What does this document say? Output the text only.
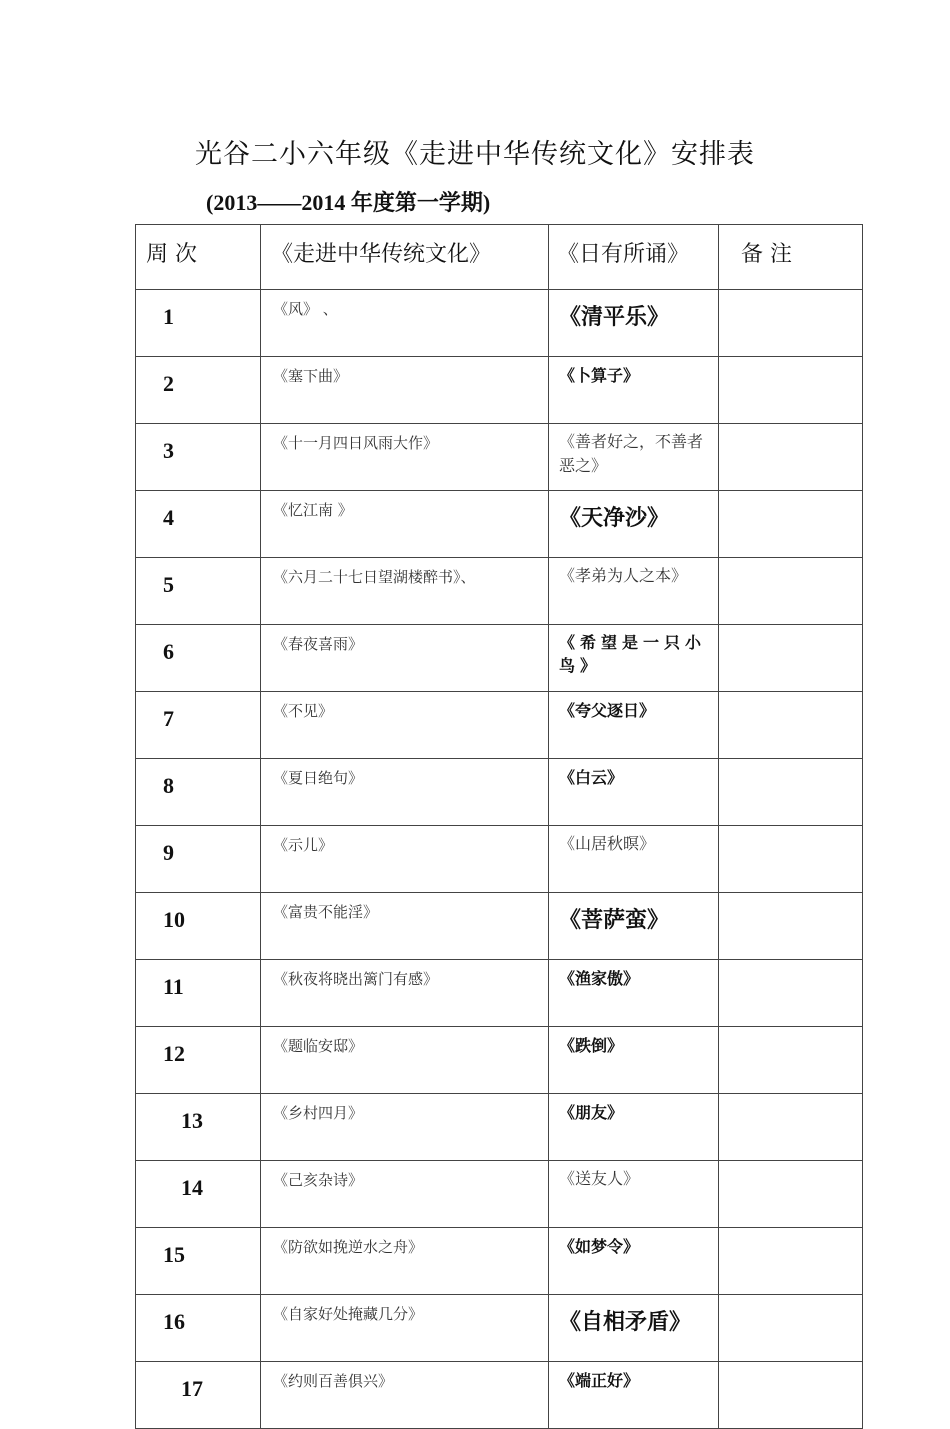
光谷二小六年级《走进中华传统文化》安排表
(2013——2014 年度第一学期)
周 次	《走进中华传统文化》	《日有所诵》	备 注
1	《风》 、	《清平乐》	
2	《塞下曲》	《卜算子》	
3	《十一月四日风雨大作》	《善者好之，不善者恶之》	
4	《忆江南 》	《天净沙》	
5	《六月二十七日望湖楼醉书》、	《孝弟为人之本》	
6	《春夜喜雨》	《希望是一只小鸟》	
7	《不见》	《夸父逐日》	
8	《夏日绝句》	《白云》	
9	《示儿》	《山居秋暝》	
10	《富贵不能淫》	《菩萨蛮》	
11	《秋夜将晓出篱门有感》	《渔家傲》	
12	《题临安邸》	《跌倒》	
13	《乡村四月》	《朋友》	
14	《己亥杂诗》	《送友人》	
15	《防欲如挽逆水之舟》	《如梦令》	
16	《自家好处掩藏几分》	《自相矛盾》	
17	《约则百善俱兴》	《端正好》	
